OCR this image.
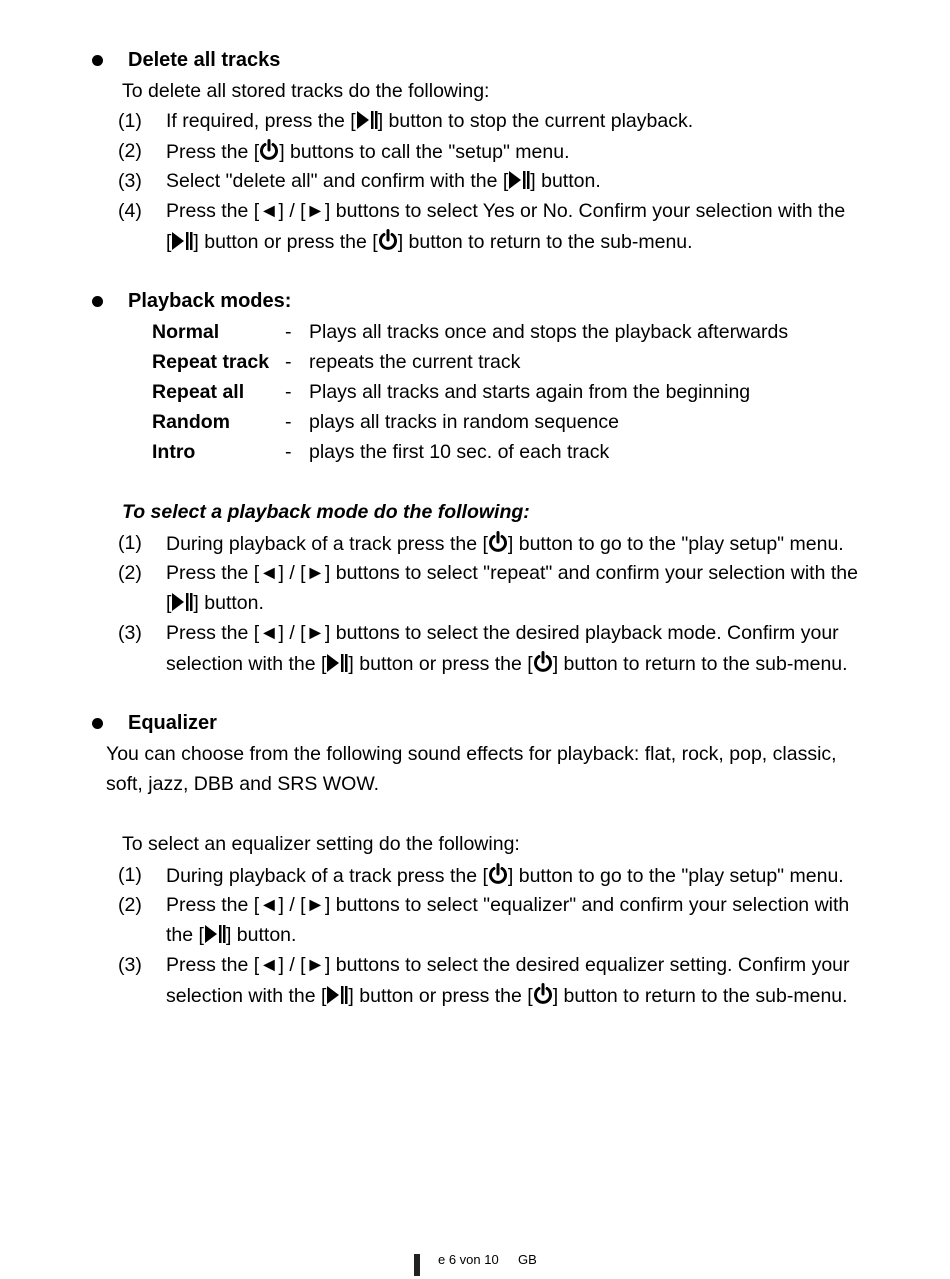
Delete all tracks
To delete all stored tracks do the following:
(1) If required, press the [ ] button to stop the current playback.
(2) Press the [ ] buttons to call the "setup" menu.
(3) Select "delete all" and confirm with the [ ] button.
(4) Press the [◄] / [►] buttons to select Yes or No. Confirm your selection with the
[ ] button or press the [ ] button to return to the sub-menu.
Playback modes:
Normal	- Plays all tracks once and stops the playback afterwards
Repeat track - repeats the current track
Repeat all - Plays all tracks and starts again from the beginning
Random	- plays all tracks in random sequence
Intro	- plays the first 10 sec. of each track
To select a playback mode do the following:
(1) During playback of a track press the [ ] button to go to the "play setup" menu.
(2) Press the [◄] / [►] buttons to select "repeat" and confirm your selection with the
[ ] button.
(3) Press the [◄] / [►] buttons to select the desired playback mode. Confirm your
selection with the [ ] button or press the [ ] button to return to the sub-menu.
Equalizer
You can choose from the following sound effects for playback: flat, rock, pop, classic,
soft, jazz, DBB and SRS WOW.
To select an equalizer setting do the following:
(1) During playback of a track press the [ ] button to go to the "play setup" menu.
(2) Press the [◄] / [►] buttons to select "equalizer" and confirm your selection with
the [ ] button.
(3) Press the [◄] / [►] buttons to select the desired equalizer setting. Confirm your
selection with the [ ] button or press the [ ] button to return to the sub-menu.
e 6 von 10 GB
